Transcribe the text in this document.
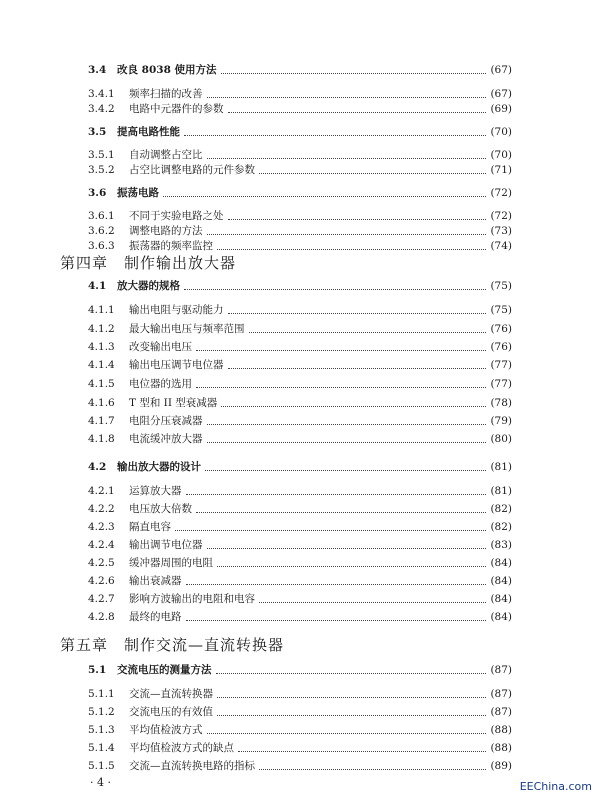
3.4 改良 8038 使用方法	(67)
3.4.1 频率扫描的改善	(67)
3.4.2 电路中元器件的参数	(69)
3.5 提高电路性能	(70)
3.5.1 自动调整占空比	(70)
3.5.2 占空比调整电路的元件参数	(71)
3.6 振荡电路	(72)
3.6.1 不同于实验电路之处	(72)
3.6.2 调整电路的方法	(73)
3.6.3 振荡器的频率监控	(74)
第四章　制作输出放大器
4.1 放大器的规格	(75)
4.1.1 输出电阻与驱动能力	(75)
4.1.2 最大输出电压与频率范围	(76)
4.1.3 改变输出电压	(76)
4.1.4 输出电压调节电位器	(77)
4.1.5 电位器的选用	(77)
4.1.6 T 型和 II 型衰减器	(78)
4.1.7 电阻分压衰减器	(79)
4.1.8 电流缓冲放大器	(80)
4.2 输出放大器的设计	(81)
4.2.1 运算放大器	(81)
4.2.2 电压放大倍数	(82)
4.2.3 隔直电容	(82)
4.2.4 输出调节电位器	(83)
4.2.5 缓冲器周围的电阻	(84)
4.2.6 输出衰减器	(84)
4.2.7 影响方波输出的电阻和电容	(84)
4.2.8 最终的电路	(84)
第五章　制作交流—直流转换器
5.1 交流电压的测量方法	(87)
5.1.1 交流—直流转换器	(87)
5.1.2 交流电压的有效值	(87)
5.1.3 平均值检波方式	(88)
5.1.4 平均值检波方式的缺点	(88)
5.1.5 交流—直流转换电路的指标	(89)
· 4 ·	EEChina.com
